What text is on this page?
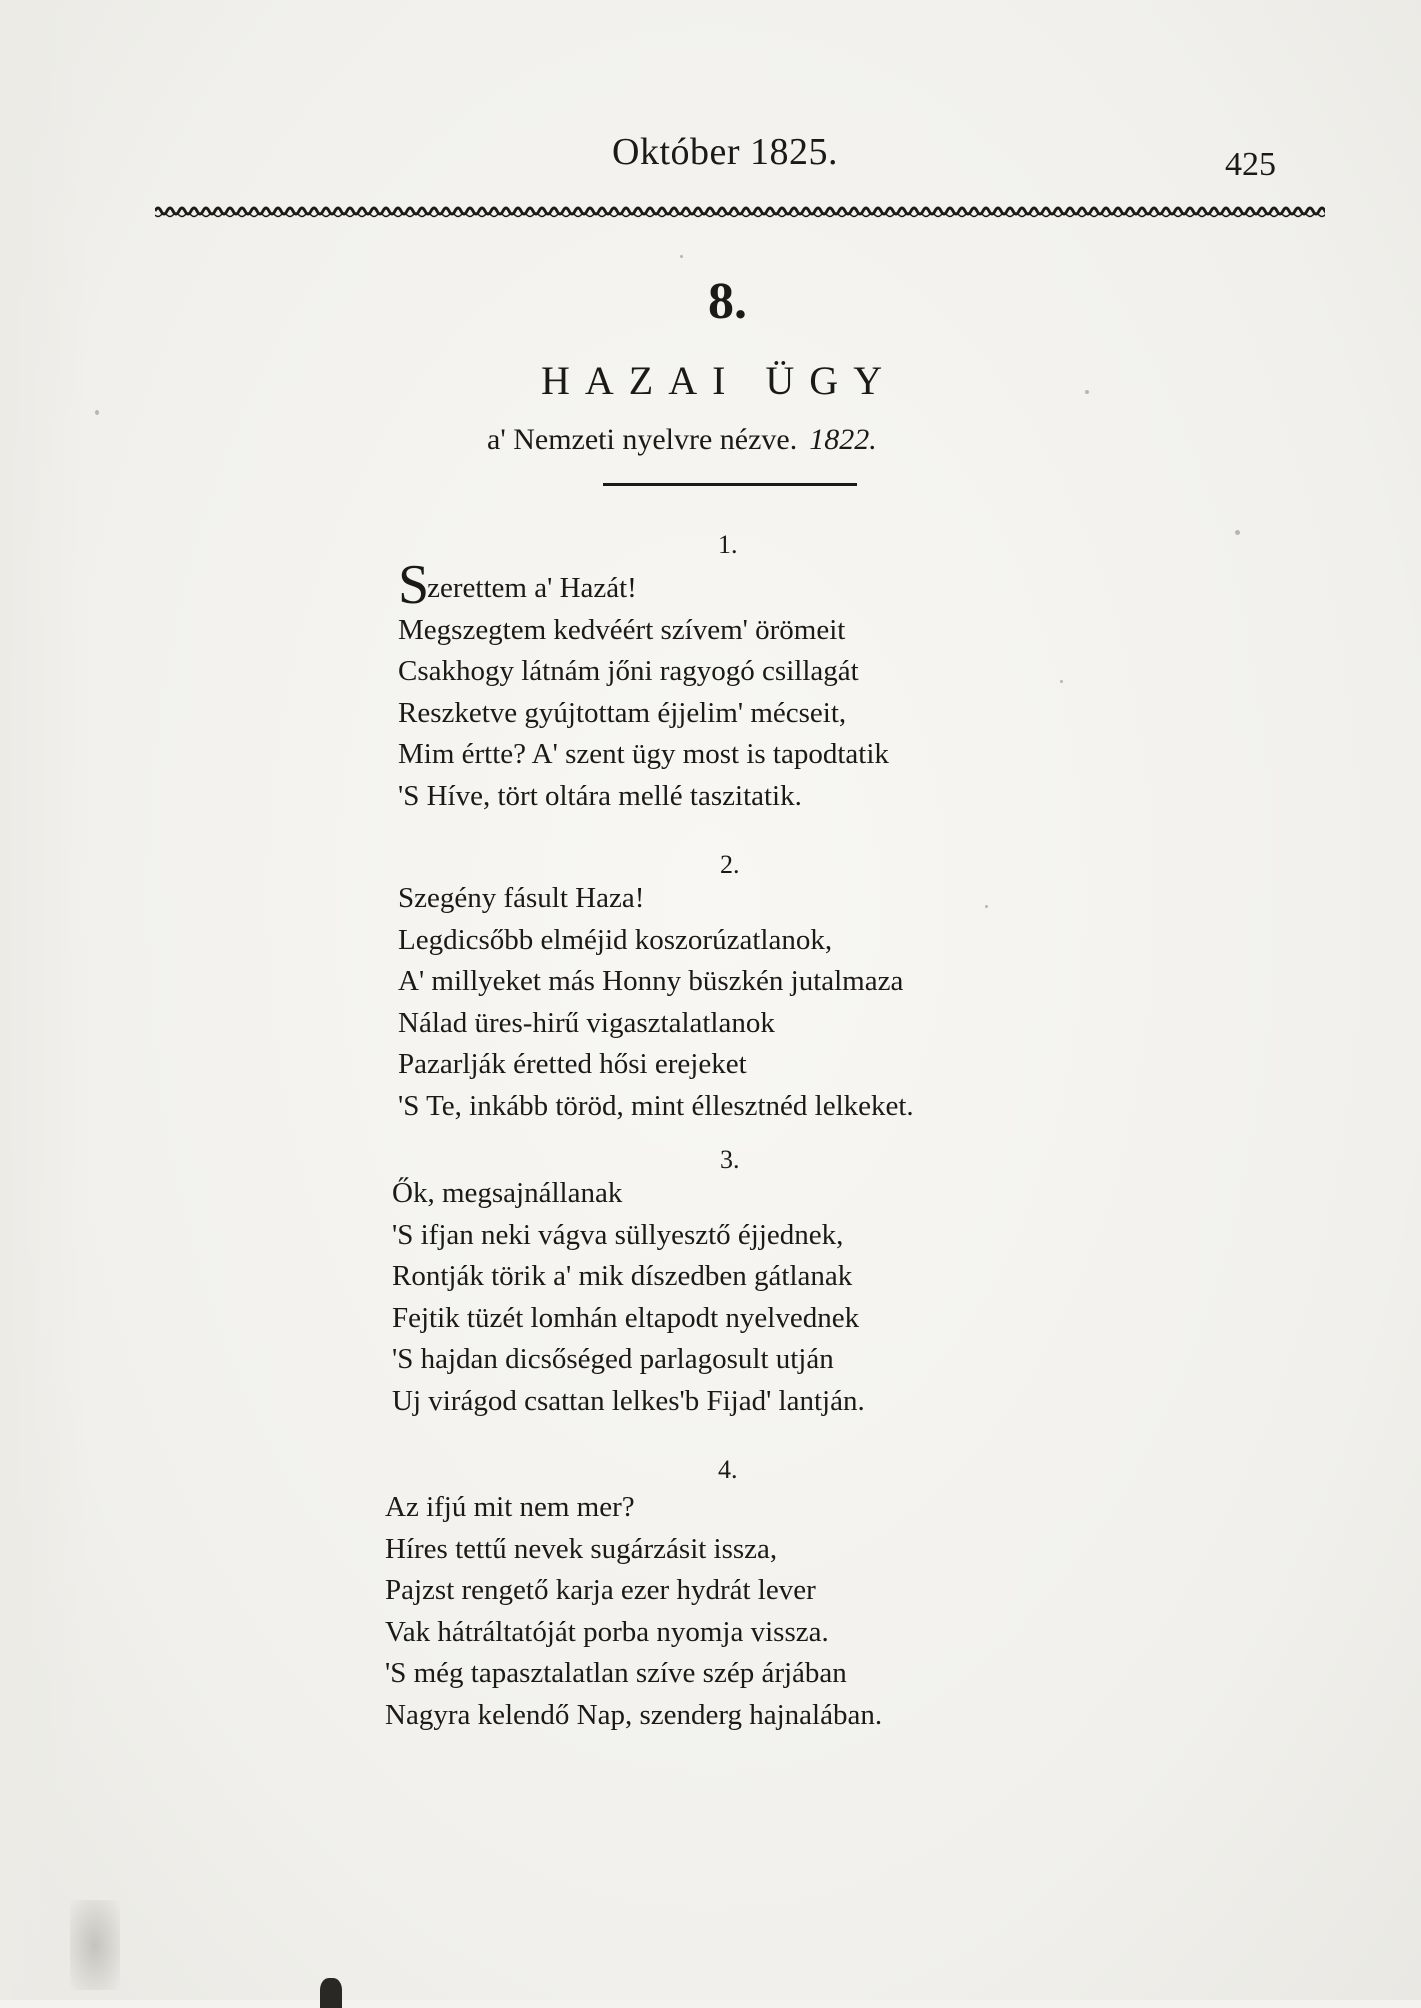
Október 1825.	425
8.
HAZAI ÜGY
a' Nemzeti nyelvre nézve. 1822.
1.
Szerettem a' Hazát!
Megszegtem kedvéért szívem' örömeit
Csakhogy látnám jőni ragyogó csillagát
Reszketve gyújtottam éjjelim' mécseit,
Mim értte? A' szent ügy most is tapodtatik
'S Híve, tört oltára mellé taszitatik.
2.
Szegény fásult Haza!
Legdicsőbb elméjid koszorúzatlanok,
A' millyeket más Honny büszkén jutalmaza
Nálad üres-hirű vigasztalatlanok
Pazarlják éretted hősi erejeket
'S Te, inkább töröd, mint éllesztnéd lelkeket.
3.
Ők, megsajnállanak
'S ifjan neki vágva süllyesztő éjjednek,
Rontják törik a' mik díszedben gátlanak
Fejtik tüzét lomhán eltapodt nyelvednek
'S hajdan dicsőséged parlagosult utján
Uj virágod csattan lelkes'b Fijad' lantján.
4.
Az ifjú mit nem mer?
Híres tettű nevek sugárzásit issza,
Pajzst rengető karja ezer hydrát lever
Vak hátráltatóját porba nyomja vissza.
'S még tapasztalatlan szíve szép árjában
Nagyra kelendő Nap, szenderg hajnalában.
